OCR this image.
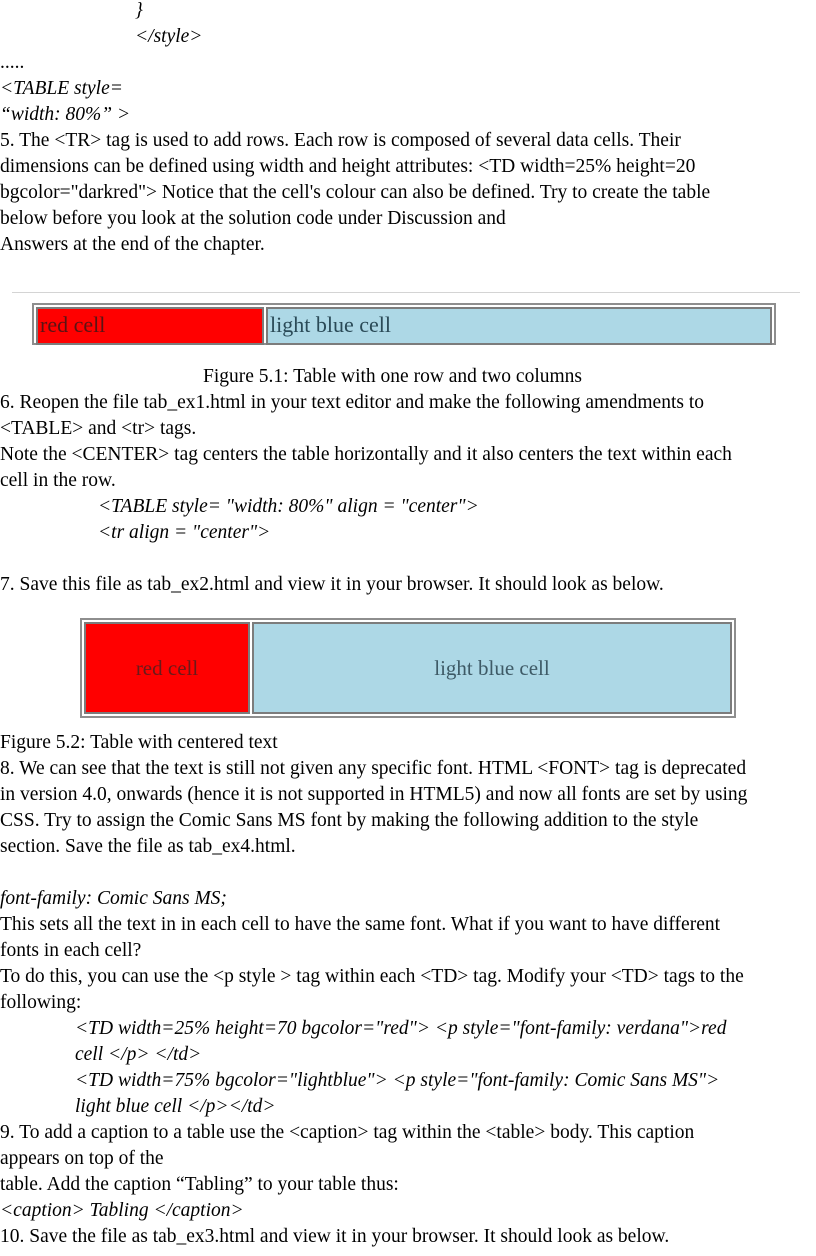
}
</style>
.....
<TABLE style=
“width: 80%” >
5. The <TR> tag is used to add rows. Each row is composed of several data cells. Their
dimensions can be defined using width and height attributes: <TD width=25% height=20
bgcolor="darkred"> Notice that the cell's colour can also be defined. Try to create the table
below before you look at the solution code under Discussion and
Answers at the end of the chapter.
red cell	light blue cell
Figure 5.1: Table with one row and two columns
6. Reopen the file tab_ex1.html in your text editor and make the following amendments to
<TABLE> and <tr> tags.
Note the <CENTER> tag centers the table horizontally and it also centers the text within each
cell in the row.
<TABLE style= "width: 80%" align = "center">
<tr align = "center">
7. Save this file as tab_ex2.html and view it in your browser. It should look as below.
red cell	light blue cell
Figure 5.2: Table with centered text
8. We can see that the text is still not given any specific font. HTML <FONT> tag is deprecated
in version 4.0, onwards (hence it is not supported in HTML5) and now all fonts are set by using
CSS. Try to assign the Comic Sans MS font by making the following addition to the style
section. Save the file as tab_ex4.html.
font-family: Comic Sans MS;
This sets all the text in in each cell to have the same font. What if you want to have different
fonts in each cell?
To do this, you can use the <p style > tag within each <TD> tag. Modify your <TD> tags to the
following:
<TD width=25% height=70 bgcolor="red"> <p style="font-family: verdana">red
cell </p> </td>
<TD width=75% bgcolor="lightblue"> <p style="font-family: Comic Sans MS">
light blue cell </p></td>
9. To add a caption to a table use the <caption> tag within the <table> body. This caption
appears on top of the
table. Add the caption “Tabling” to your table thus:
<caption> Tabling </caption>
10. Save the file as tab_ex3.html and view it in your browser. It should look as below.
